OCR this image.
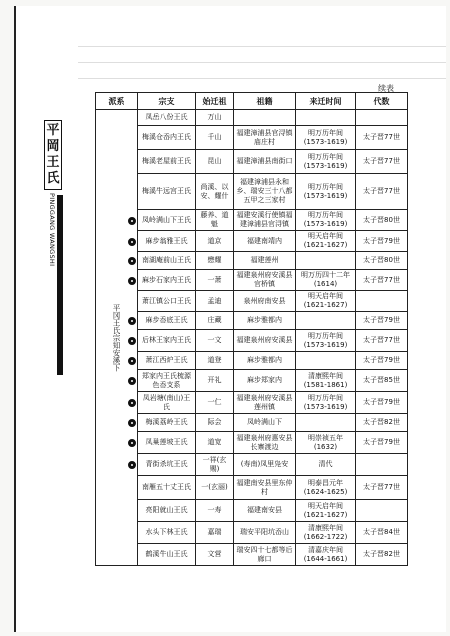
续表
平
岡
王
氏
PINGGANG WANGSHI
派系	宗支	始迁祖	祖籍	来迁时间	代数

平冈王氏宗知安溪下	凤岳八份王氏	万山			
	梅溪仓岙内王氏	千山	福建漳浦县官浔镇庙庄村	明万历年间(1573-1619)	太子晋77世
	梅溪老屋前王氏	昆山	福建漳浦县南街口	明万历年间(1573-1619)	太子晋77世
	梅溪牛远宫王氏	尚溪、以安、耀什	福建漳浦县永和乡、瑞安三十八都五甲之三家村	明万历年间(1573-1619)	太子晋77世
	凤岭满山下王氏	藤养、道魁	福建安溪行使镇福建漳浦县官浔镇	明万历年间(1573-1619)	太子晋80世
	麻步翁雅王氏	道京	福建南靖内	明天启年间(1621-1627)	太子晋79世
	南湖庵前山王氏	懋耀	福建莲州		太子晋80世
	麻步石家内王氏	一萧	福建泉州府安溪县官桥镇	明万历四十二年(1614)	太子晋77世
	萧江镇公口王氏	孟迪	泉州府南安县	明天启年间(1621-1627)	
	麻步岙底王氏	庄藏	麻步雅都内		太子晋79世
	后林王家内王氏	一文	福建泉州府安溪县	明万历年间(1573-1619)	太子晋77世
	萧江西炉王氏	道登	麻步雅都内		太子晋79世
	郑家内王氏梳源色岙支系	开礼	麻步郑家内	清康熙年间(1581-1861)	太子晋85世
	凤岩塘(南山)王氏	一仁	福建泉州府安溪县莲州镇	明万历年间(1573-1619)	太子晋79世
	梅溪荔岭王氏	际会	凤岭满山下		太子晋82世
	凤巢莲坡王氏	道宽	福建泉州府惠安县长寨渡边	明崇祯五年(1632)	太子晋79世
	青街杀坑王氏	一祥(玄赐)	(寿南)凤里凫安	清代	
	南雁五十丈王氏	一(玄丽)	福建南安县里东仲村	明泰昌元年(1624-1625)	太子晋77世
	亮阳就山王氏	一寿	福建南安县	明天启年间(1621-1627)	
	水头下林王氏	嘉瑞	瑞安平阳坑岙山	清康熙年间(1662-1722)	太子晋84世
	鹤溪牛山王氏	文营	瑞安四十七都等后廊口	清嘉庆年间(1644-1661)	太子晋82世
